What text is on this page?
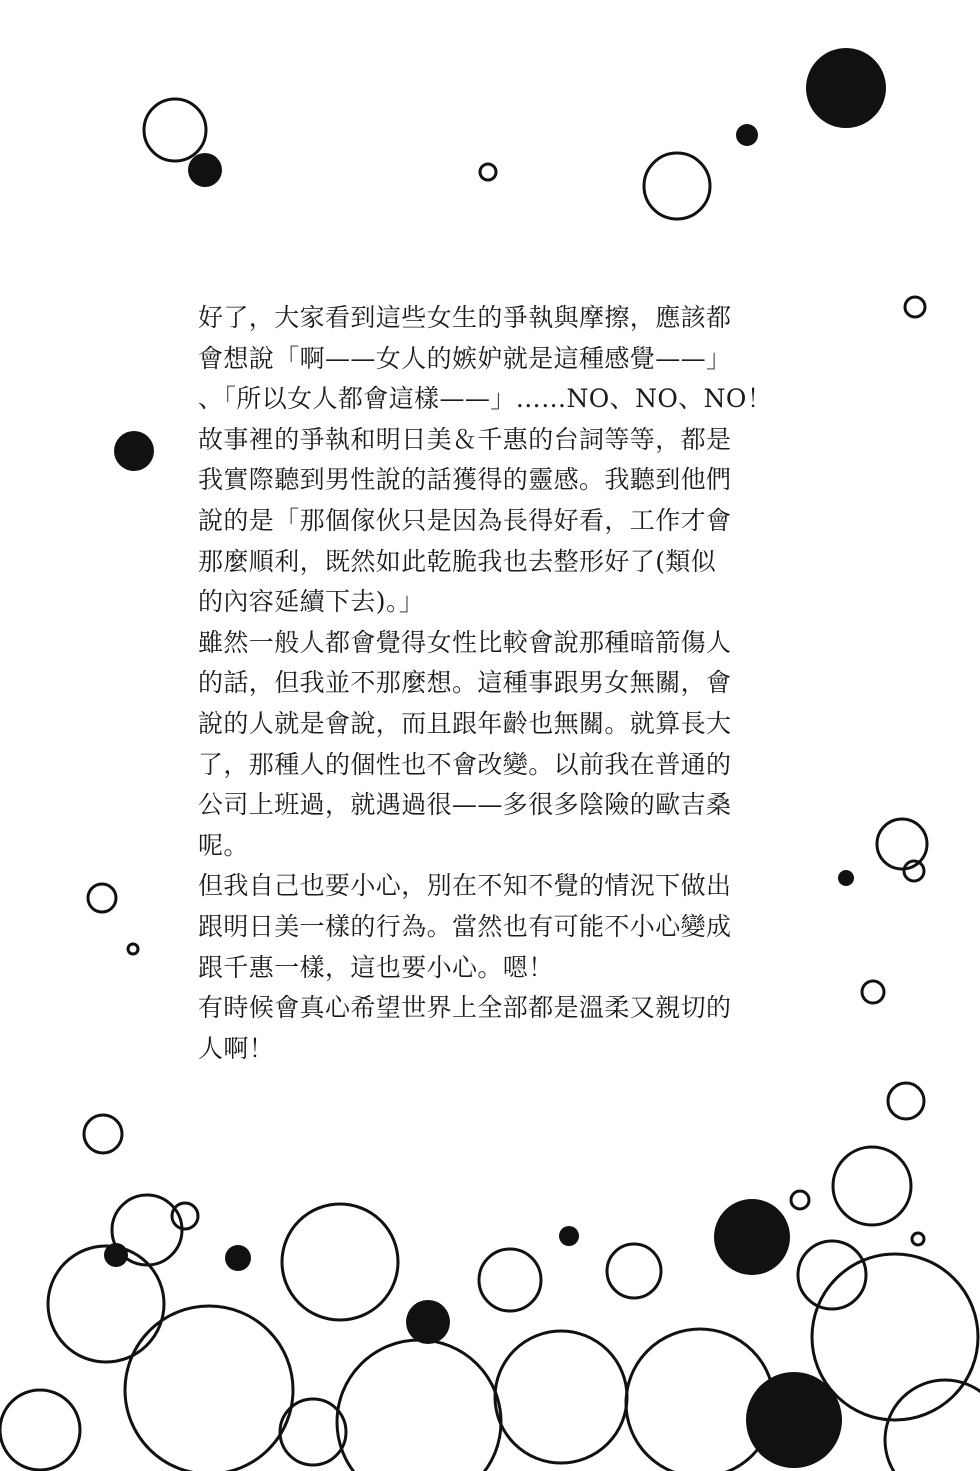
好了，大家看到這些女生的爭執與摩擦，應該都
會想說「啊——女人的嫉妒就是這種感覺——」
、「所以女人都會這樣——」……NO、NO、NO！
故事裡的爭執和明日美＆千惠的台詞等等，都是
我實際聽到男性說的話獲得的靈感。我聽到他們
說的是「那個傢伙只是因為長得好看，工作才會
那麼順利，既然如此乾脆我也去整形好了(類似
的內容延續下去)。」
雖然一般人都會覺得女性比較會說那種暗箭傷人
的話，但我並不那麼想。這種事跟男女無關，會
說的人就是會說，而且跟年齡也無關。就算長大
了，那種人的個性也不會改變。以前我在普通的
公司上班過，就遇過很——多很多陰險的歐吉桑
呢。
但我自己也要小心，別在不知不覺的情況下做出
跟明日美一樣的行為。當然也有可能不小心變成
跟千惠一樣，這也要小心。嗯！
有時候會真心希望世界上全部都是溫柔又親切的
人啊！
